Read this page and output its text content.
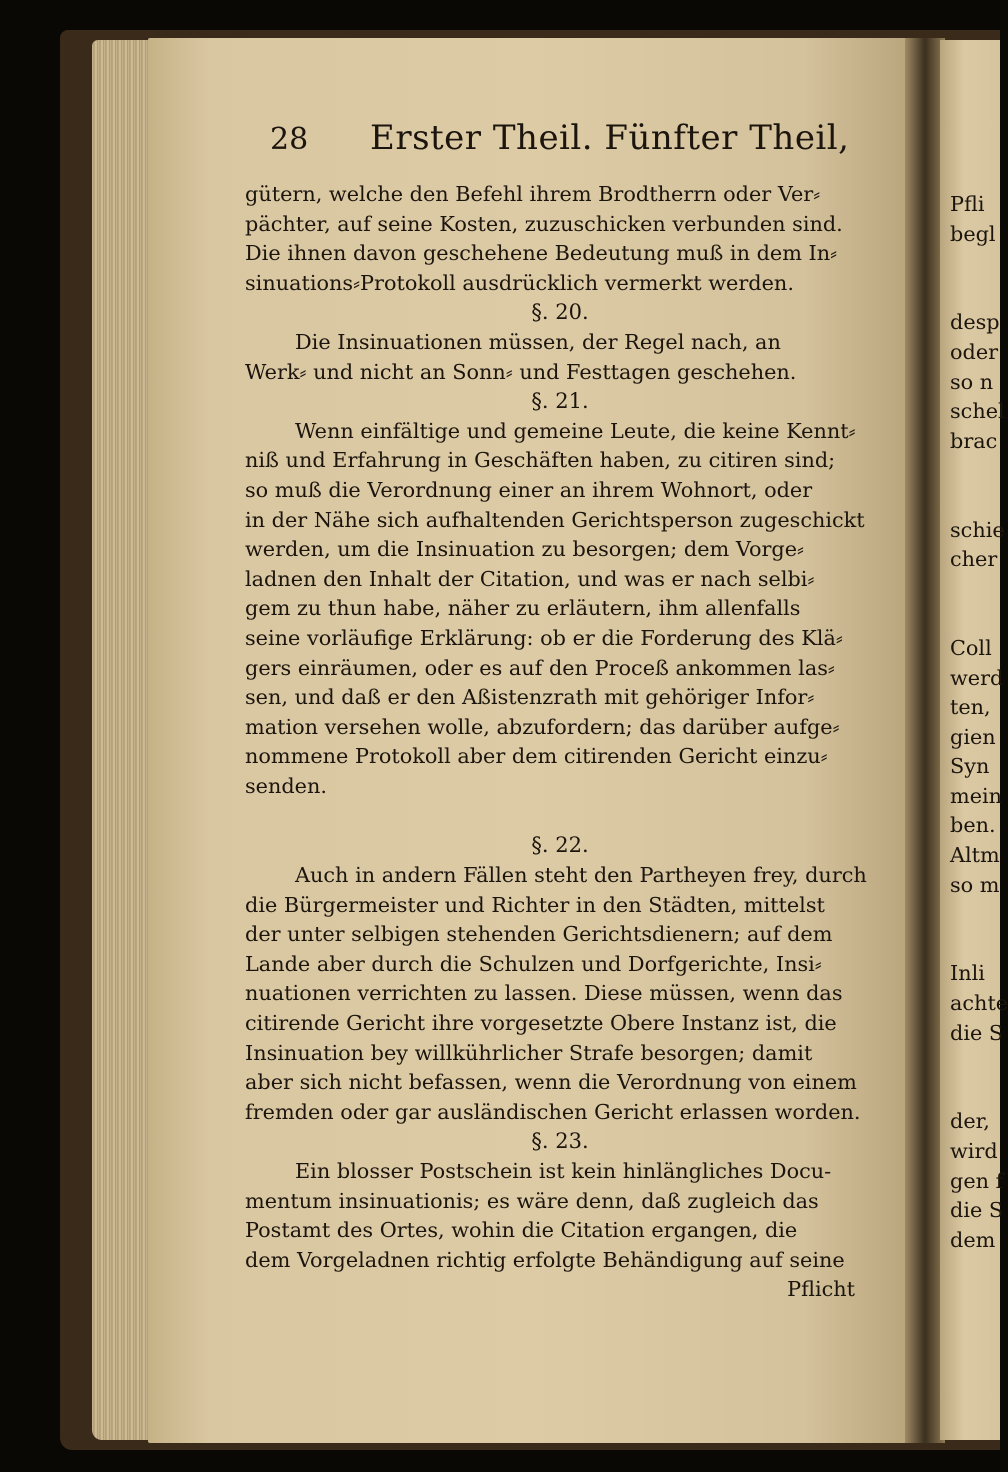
28 Erster Theil. Fünfter Theil,
gütern, welche den Befehl ihrem Brodtherrn oder Ver⸗
pächter, auf seine Kosten, zuzuschicken verbunden sind.
Die ihnen davon geschehene Bedeutung muß in dem In⸗
sinuations⸗Protokoll ausdrücklich vermerkt werden.
§. 20.
Die Insinuationen müssen, der Regel nach, an
Werk⸗ und nicht an Sonn⸗ und Festtagen geschehen.
§. 21.
Wenn einfältige und gemeine Leute, die keine Kennt⸗
niß und Erfahrung in Geschäften haben, zu citiren sind;
so muß die Verordnung einer an ihrem Wohnort, oder
in der Nähe sich aufhaltenden Gerichtsperson zugeschickt
werden, um die Insinuation zu besorgen; dem Vorge⸗
ladnen den Inhalt der Citation, und was er nach selbi⸗
gem zu thun habe, näher zu erläutern, ihm allenfalls
seine vorläufige Erklärung: ob er die Forderung des Klä⸗
gers einräumen, oder es auf den Proceß ankommen las⸗
sen, und daß er den Aßistenzrath mit gehöriger Infor⸗
mation versehen wolle, abzufordern; das darüber aufge⸗
nommene Protokoll aber dem citirenden Gericht einzu⸗
senden.
§. 22.
Auch in andern Fällen steht den Partheyen frey, durch
die Bürgermeister und Richter in den Städten, mittelst
der unter selbigen stehenden Gerichtsdienern; auf dem
Lande aber durch die Schulzen und Dorfgerichte, Insi⸗
nuationen verrichten zu lassen. Diese müssen, wenn das
citirende Gericht ihre vorgesetzte Obere Instanz ist, die
Insinuation bey willkührlicher Strafe besorgen; damit
aber sich nicht befassen, wenn die Verordnung von einem
fremden oder gar ausländischen Gericht erlassen worden.
§. 23.
Ein blosser Postschein ist kein hinlängliches Docu-
mentum insinuationis; es wäre denn, daß zugleich das
Postamt des Ortes, wohin die Citation ergangen, die
dem Vorgeladnen richtig erfolgte Behändigung auf seine
Pflicht
Pfli
begl
desp
oder
so n
schel
brac
schie
cher
Coll
werd
ten,
gien
Syn
mein
ben.
Altm
so m
Inli
achte
die S
der,
wird
gen f
die S
dem
